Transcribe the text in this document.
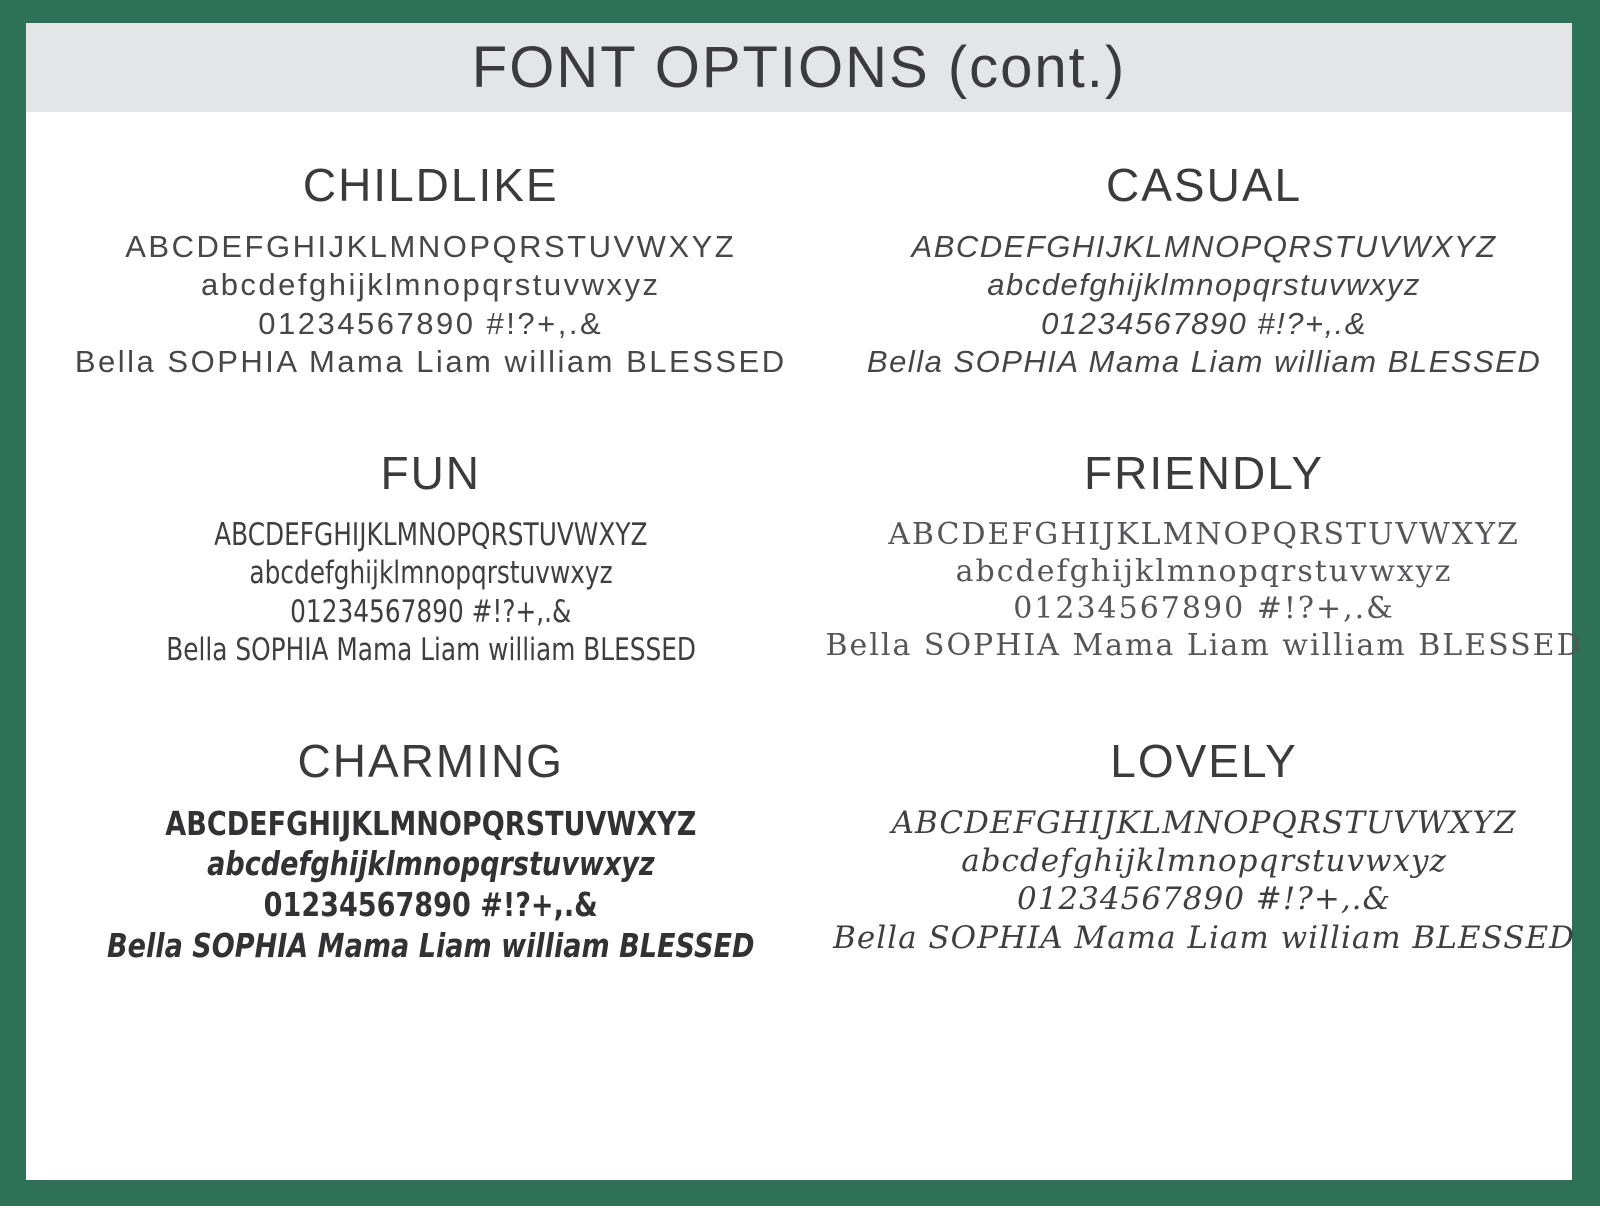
FONT OPTIONS (cont.)
CHILDLIKE
ABCDEFGHIJKLMNOPQRSTUVWXYZ
abcdefghijklmnopqrstuvwxyz
01234567890 #!?+,.&
Bella SOPHIA Mama Liam william BLESSED
CASUAL
ABCDEFGHIJKLMNOPQRSTUVWXYZ
abcdefghijklmnopqrstuvwxyz
01234567890 #!?+,.&
Bella SOPHIA Mama Liam william BLESSED
FUN
ABCDEFGHIJKLMNOPQRSTUVWXYZ
abcdefghijklmnopqrstuvwxyz
01234567890 #!?+,.&
Bella SOPHIA Mama Liam william BLESSED
FRIENDLY
ABCDEFGHIJKLMNOPQRSTUVWXYZ
abcdefghijklmnopqrstuvwxyz
01234567890 #!?+,.&
Bella SOPHIA Mama Liam william BLESSED
CHARMING
ABCDEFGHIJKLMNOPQRSTUVWXYZ
abcdefghijklmnopqrstuvwxyz
01234567890 #!?+,.&
Bella SOPHIA Mama Liam william BLESSED
LOVELY
ABCDEFGHIJKLMNOPQRSTUVWXYZ
abcdefghijklmnopqrstuvwxyz
01234567890 #!?+,.&
Bella SOPHIA Mama Liam william BLESSED
